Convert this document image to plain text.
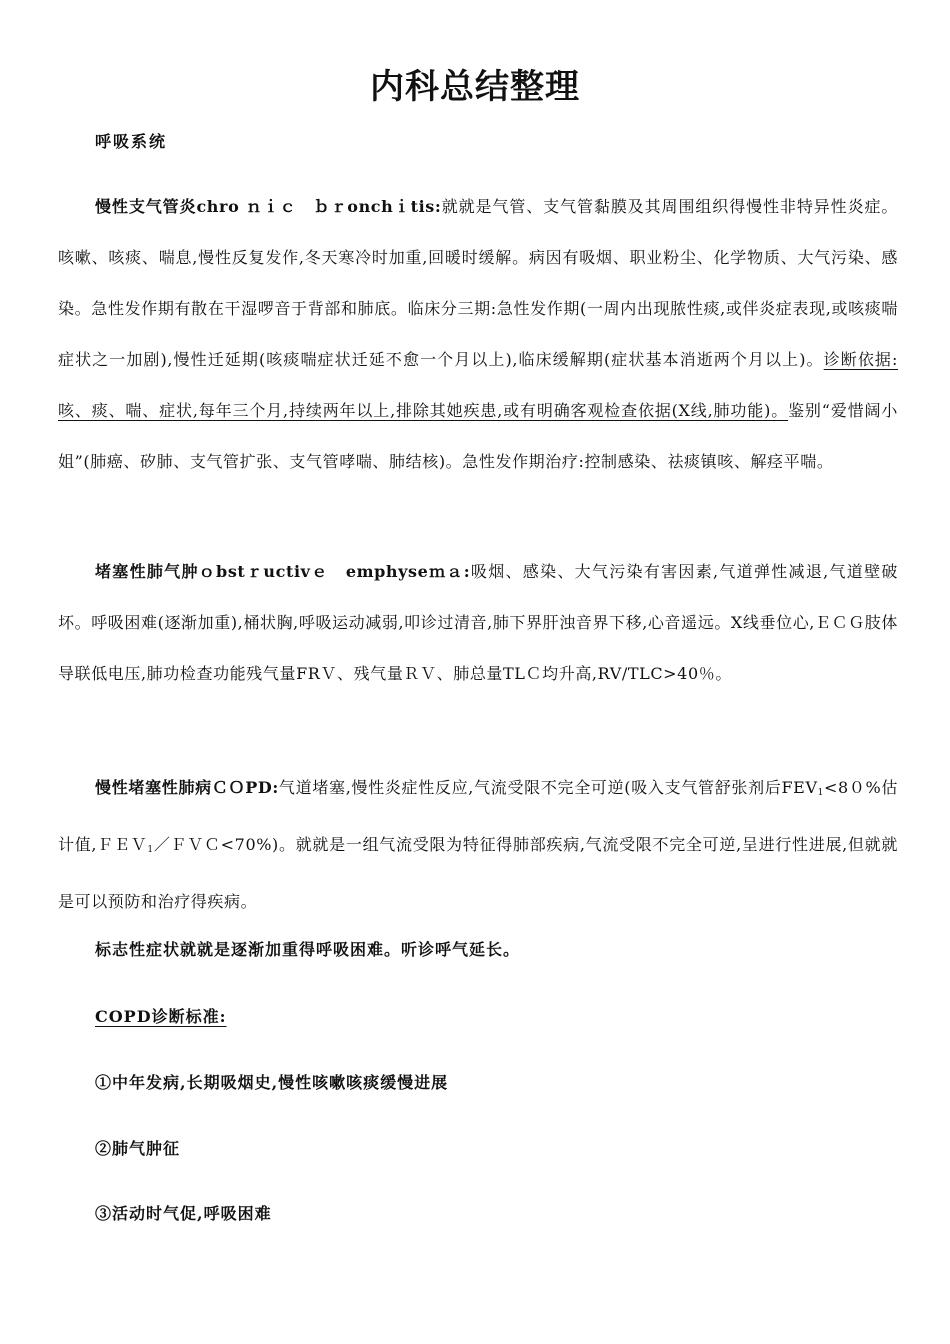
内科总结整理
呼吸系统
慢性支气管炎chro ｎｉｃ　ｂｒonchｉtis:就就是气管、支气管黏膜及其周围组织得慢性非特异性炎症。咳嗽、咳痰、喘息,慢性反复发作,冬天寒冷时加重,回暖时缓解。病因有吸烟、职业粉尘、化学物质、大气污染、感染。急性发作期有散在干湿啰音于背部和肺底。临床分三期:急性发作期(一周内出现脓性痰,或伴炎症表现,或咳痰喘症状之一加剧),慢性迁延期(咳痰喘症状迁延不愈一个月以上),临床缓解期(症状基本消逝两个月以上)。诊断依据:咳、痰、喘、症状,每年三个月,持续两年以上,排除其她疾患,或有明确客观检查依据(X线,肺功能)。鉴别“爱惜阔小姐”(肺癌、矽肺、支气管扩张、支气管哮喘、肺结核)。急性发作期治疗:控制感染、祛痰镇咳、解痉平喘。
堵塞性肺气肿ｏbstｒuctivｅ　emphyseｍａ:吸烟、感染、大气污染有害因素,气道弹性减退,气道壁破坏。呼吸困难(逐渐加重),桶状胸,呼吸运动减弱,叩诊过清音,肺下界肝浊音界下移,心音遥远。X线垂位心,ＥＣＧ肢体导联低电压,肺功检查功能残气量FRＶ、残气量ＲＶ、肺总量TLＣ均升高,RV/TLC>40％。
慢性堵塞性肺病ＣＯPD:气道堵塞,慢性炎症性反应,气流受限不完全可逆(吸入支气管舒张剂后$FEV_1<80\%$估计值,ＦＥＶ$_1$／ＦＶＣ<70%)。就就是一组气流受限为特征得肺部疾病,气流受限不完全可逆,呈进行性进展,但就就是可以预防和治疗得疾病。
标志性症状就就是逐渐加重得呼吸困难。听诊呼气延长。
COPD诊断标准:
①中年发病,长期吸烟史,慢性咳嗽咳痰缓慢进展
②肺气肿征
③活动时气促,呼吸困难
